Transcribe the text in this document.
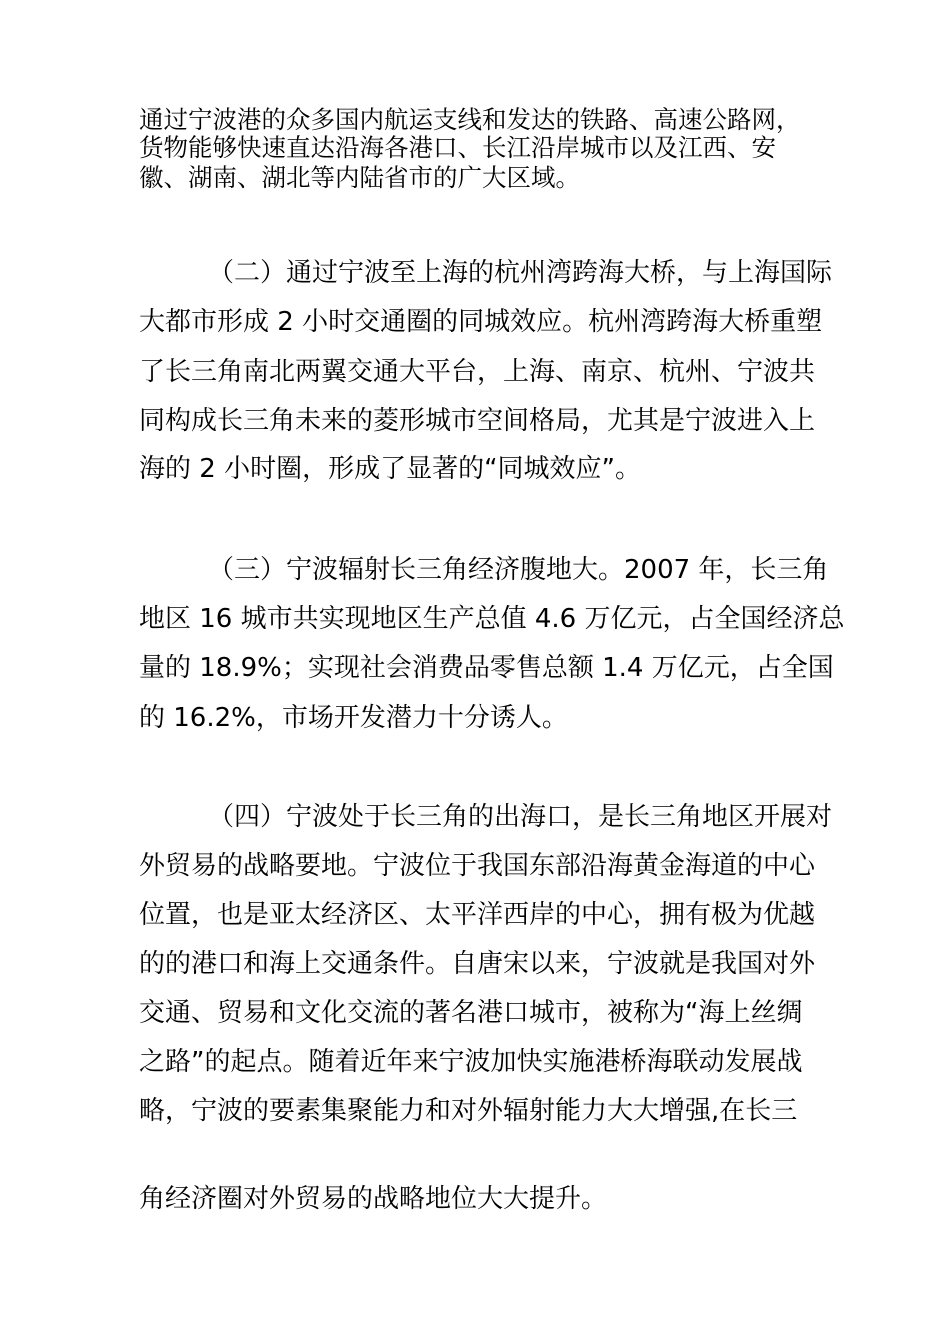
通过宁波港的众多国内航运支线和发达的铁路、高速公路网，
货物能够快速直达沿海各港口、长江沿岸城市以及江西、安
徽、湖南、湖北等内陆省市的广大区域。
（二）通过宁波至上海的杭州湾跨海大桥，与上海国际
大都市形成 2 小时交通圈的同城效应。杭州湾跨海大桥重塑
了长三角南北两翼交通大平台，上海、南京、杭州、宁波共
同构成长三角未来的菱形城市空间格局，尤其是宁波进入上
海的 2 小时圈，形成了显著的“同城效应”。
（三）宁波辐射长三角经济腹地大。2007 年，长三角
地区 16 城市共实现地区生产总值 4.6 万亿元，占全国经济总
量的 18.9%；实现社会消费品零售总额 1.4 万亿元，占全国
的 16.2%，市场开发潜力十分诱人。
（四）宁波处于长三角的出海口，是长三角地区开展对
外贸易的战略要地。宁波位于我国东部沿海黄金海道的中心
位置，也是亚太经济区、太平洋西岸的中心，拥有极为优越
的的港口和海上交通条件。自唐宋以来，宁波就是我国对外
交通、贸易和文化交流的著名港口城市，被称为“海上丝绸
之路”的起点。随着近年来宁波加快实施港桥海联动发展战
略，宁波的要素集聚能力和对外辐射能力大大增强,在长三
角经济圈对外贸易的战略地位大大提升。
